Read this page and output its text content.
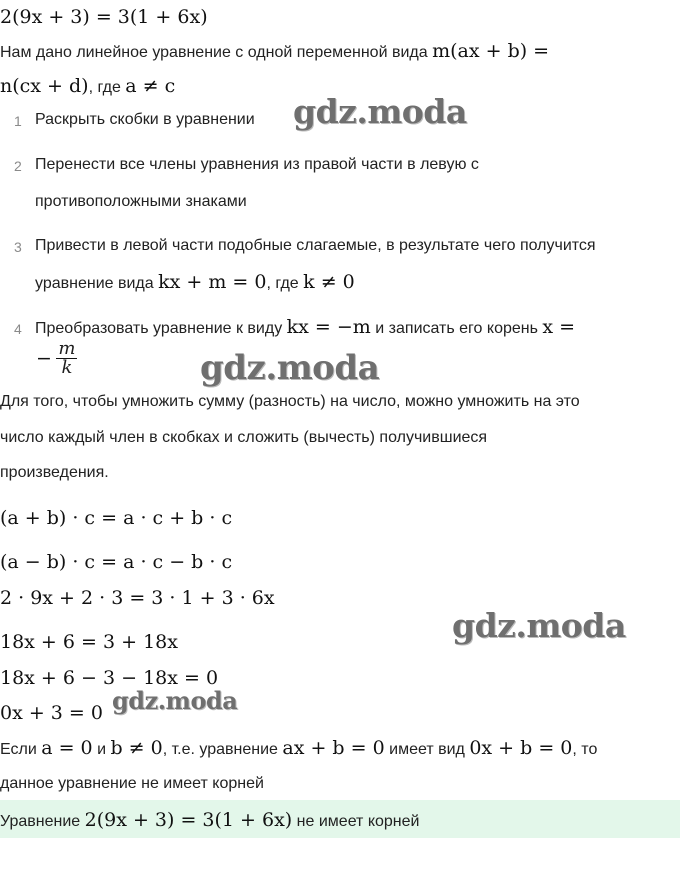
2(9x + 3) = 3(1 + 6x)
Нам дано линейное уравнение с одной переменной вида m(ax + b) =
n(cx + d), где a ≠ c
1 Раскрыть скобки в уравнении
2 Перенести все члены уравнения из правой части в левую с
противоположными знаками
3 Привести в левой части подобные слагаемые, в результате чего получится
уравнение вида kx + m = 0, где k ≠ 0
4 Преобразовать уравнение к виду kx = −m и записать его корень x =
− $\frac{m}{k}$
Для того, чтобы умножить сумму (разность) на число, можно умножить на это
число каждый член в скобках и сложить (вычесть) получившиеся
произведения.
(a + b) · c = a · c + b · c
(a − b) · c = a · c − b · c
2 · 9x + 2 · 3 = 3 · 1 + 3 · 6x
18x + 6 = 3 + 18x
18x + 6 − 3 − 18x = 0
0x + 3 = 0
Если a = 0 и b ≠ 0, т.е. уравнение ax + b = 0 имеет вид 0x + b = 0, то
данное уравнение не имеет корней
Уравнение 2(9x + 3) = 3(1 + 6x) не имеет корней
gdz.moda
gdz.moda
gdz.moda
gdz.moda
